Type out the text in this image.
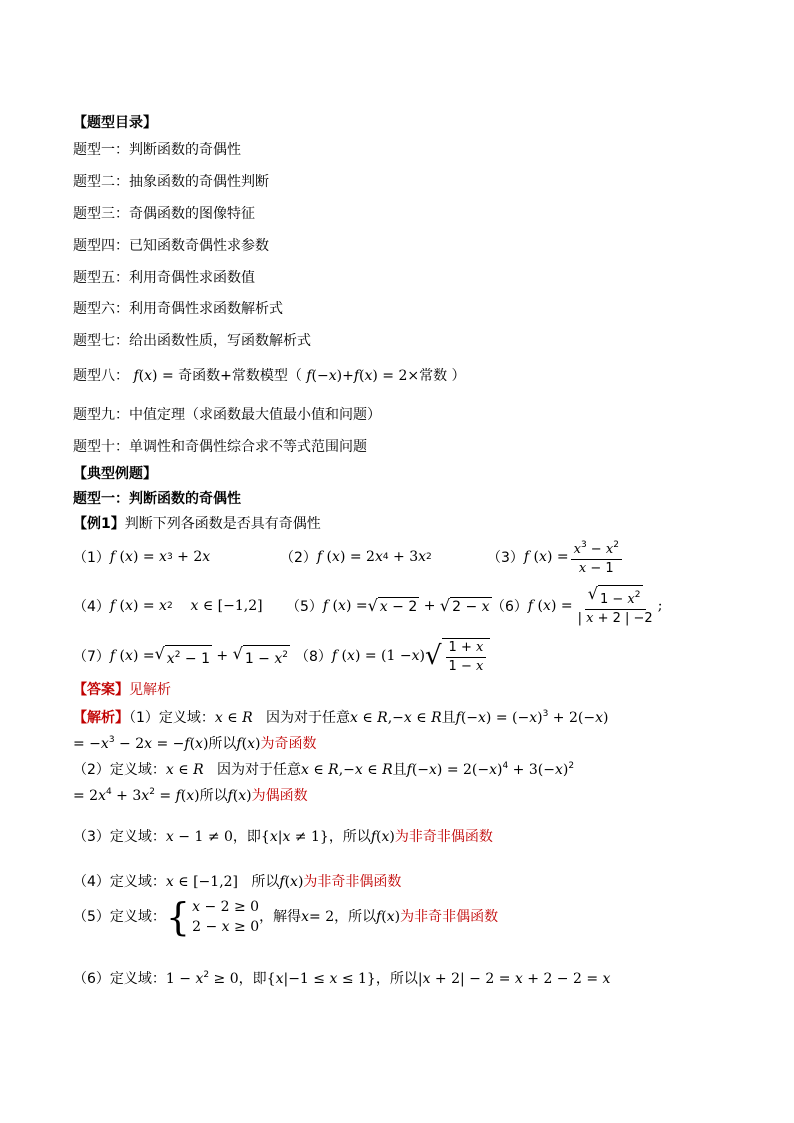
【题型目录】
题型一：判断函数的奇偶性
题型二：抽象函数的奇偶性判断
题型三：奇偶函数的图像特征
题型四：已知函数奇偶性求参数
题型五：利用奇偶性求函数值
题型六：利用奇偶性求函数解析式
题型七：给出函数性质，写函数解析式
题型八： f(x) = 奇函数+常数模型（ f(−x)+f(x) = 2×常数 ）
题型九：中值定理（求函数最大值最小值和问题）
题型十：单调性和奇偶性综合求不等式范围问题
【典型例题】
题型一：判断函数的奇偶性
【例1】判断下列各函数是否具有奇偶性
（1） f ( x ) = x 3 + 2 x	（2） f ( x ) = 2 x 4 + 3 x 2	（3） f ( x ) = $\frac{x^3 - x^2}{x - 1}$
（4） f ( x ) = x 2 x ∈ [−1,2] （5） f ( x ) = √ x − 2 + √ 2 − x （6） f ( x ) = $\frac{√ 1 - x^2}{| x + 2 | -2}$ ;
（7） f ( x ) = √ $x^2 - 1$ + √ $1 - x^2$ （8） f ( x ) = (1 − x ) √ $\frac{1 + x}{1 - x}$
【答案】见解析
【解析】（1）定义域：x ∈ R 因为对于任意x ∈ R,−x ∈ R且$f(-x) = (-x)^3 + 2(-x)$
= $-x^3 - 2x = -f(x)$所以f(x)为奇函数
（2）定义域：x ∈ R 因为对于任意x ∈ R,−x ∈ R且$f(-x) = 2(-x)^4 + 3(-x)^2$
= $2x^4 + 3x^2 = f(x)$所以f(x)为偶函数
（3）定义域：x − 1 ≠ 0，即{x|x ≠ 1}，所以f(x)为非奇非偶函数
（4）定义域：x ∈ [−1,2] 所以f(x)为非奇非偶函数
（5）定义域： { x − 2 ≥ 0
2 − x ≥ 0
，解得 x = 2 ，所以 f ( x ) 为非奇非偶函数
（6）定义域：$1 - x^2 \ge 0$，即{x|−1 ≤ x ≤ 1}，所以|x + 2| − 2 = x + 2 − 2 = x
